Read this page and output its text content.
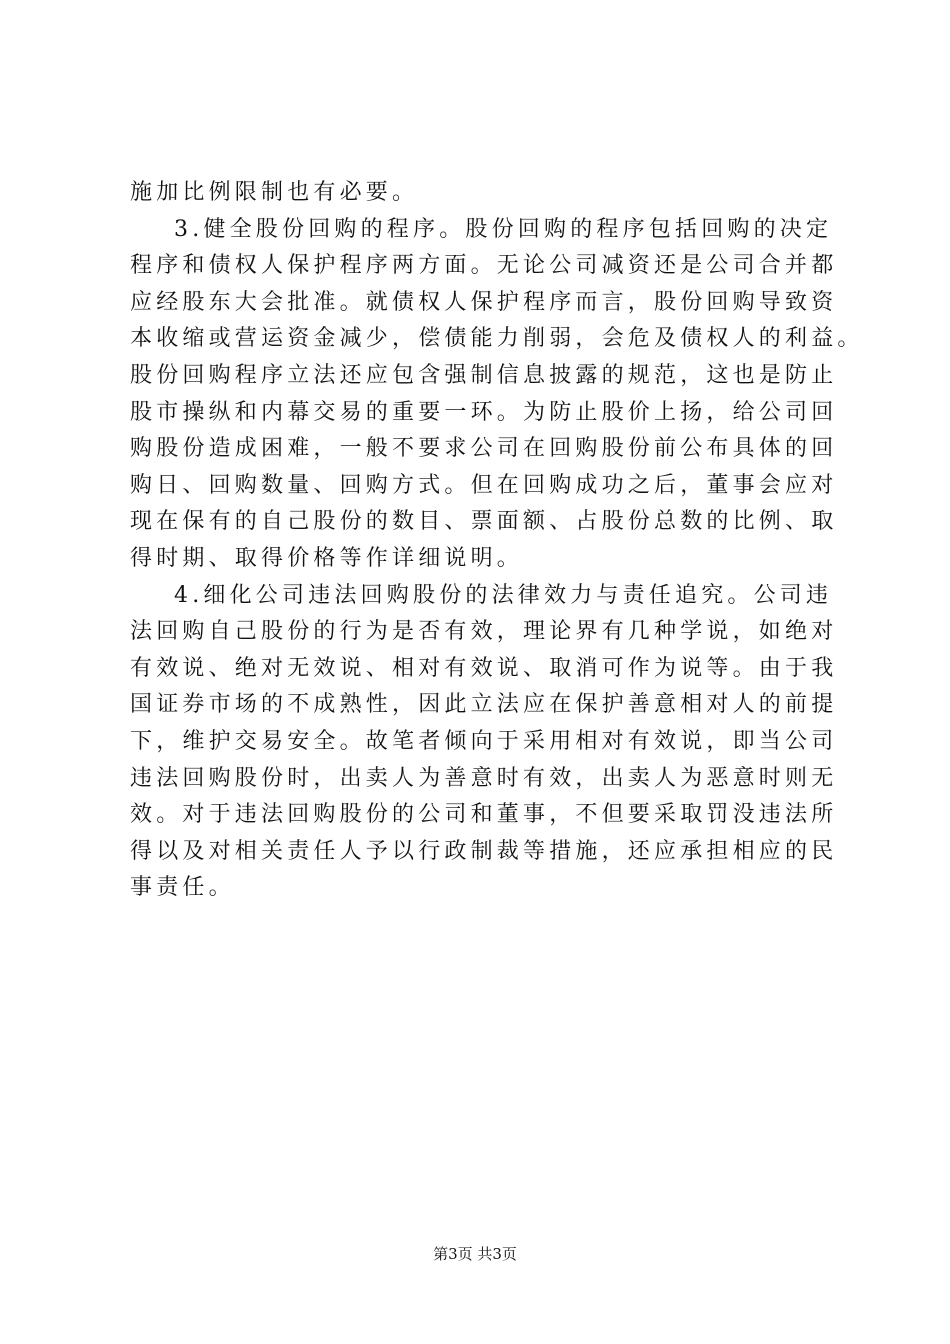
施加比例限制也有必要。
3.健全股份回购的程序。股份回购的程序包括回购的决定
程序和债权人保护程序两方面。无论公司减资还是公司合并都
应经股东大会批准。就债权人保护程序而言，股份回购导致资
本收缩或营运资金减少，偿债能力削弱，会危及债权人的利益。
股份回购程序立法还应包含强制信息披露的规范，这也是防止
股市操纵和内幕交易的重要一环。为防止股价上扬，给公司回
购股份造成困难，一般不要求公司在回购股份前公布具体的回
购日、回购数量、回购方式。但在回购成功之后，董事会应对
现在保有的自己股份的数目、票面额、占股份总数的比例、取
得时期、取得价格等作详细说明。
4.细化公司违法回购股份的法律效力与责任追究。公司违
法回购自己股份的行为是否有效，理论界有几种学说，如绝对
有效说、绝对无效说、相对有效说、取消可作为说等。由于我
国证券市场的不成熟性，因此立法应在保护善意相对人的前提
下，维护交易安全。故笔者倾向于采用相对有效说，即当公司
违法回购股份时，出卖人为善意时有效，出卖人为恶意时则无
效。对于违法回购股份的公司和董事，不但要采取罚没违法所
得以及对相关责任人予以行政制裁等措施，还应承担相应的民
事责任。
第3页 共3页
